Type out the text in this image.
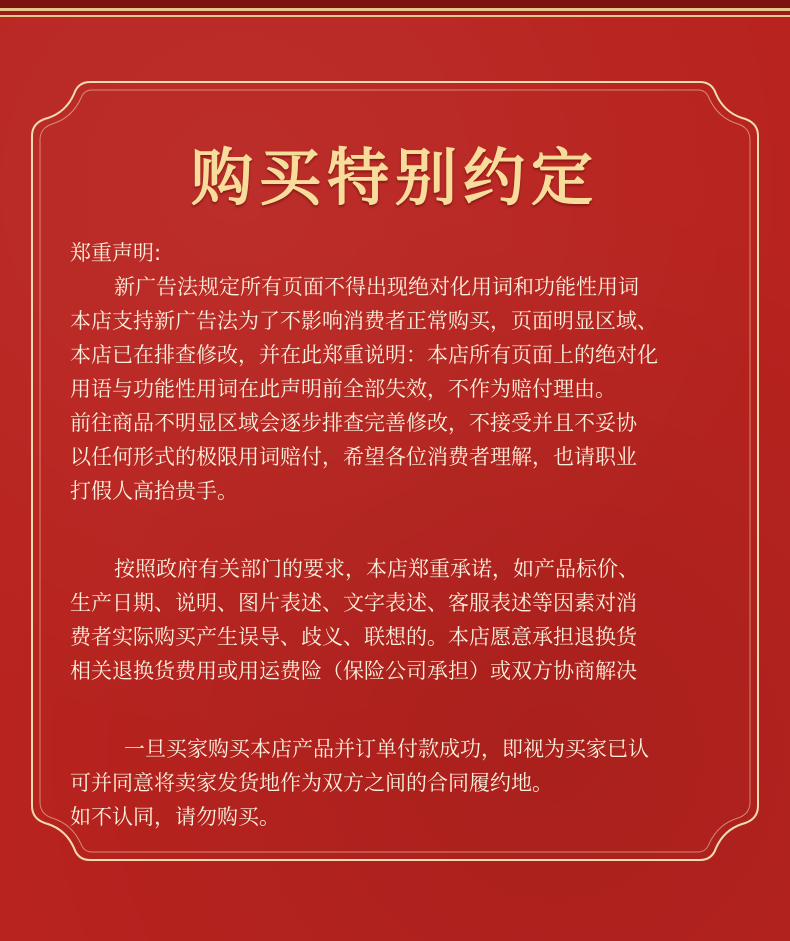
购买特别约定

郑重声明:

新广告法规定所有页面不得出现绝对化用词和功能性用词

本店支持新广告法为了不影响消费者正常购买，页面明显区域、

本店已在排查修改，并在此郑重说明：本店所有页面上的绝对化

用语与功能性用词在此声明前全部失效，不作为赔付理由。

前往商品不明显区域会逐步排查完善修改，不接受并且不妥协

以任何形式的极限用词赔付，希望各位消费者理解，也请职业

打假人高抬贵手。

按照政府有关部门的要求，本店郑重承诺，如产品标价、

生产日期、说明、图片表述、文字表述、客服表述等因素对消

费者实际购买产生误导、歧义、联想的。本店愿意承担退换货

相关退换货费用或用运费险（保险公司承担）或双方协商解决

一旦买家购买本店产品并订单付款成功，即视为买家已认

可并同意将卖家发货地作为双方之间的合同履约地。

如不认同，请勿购买。
